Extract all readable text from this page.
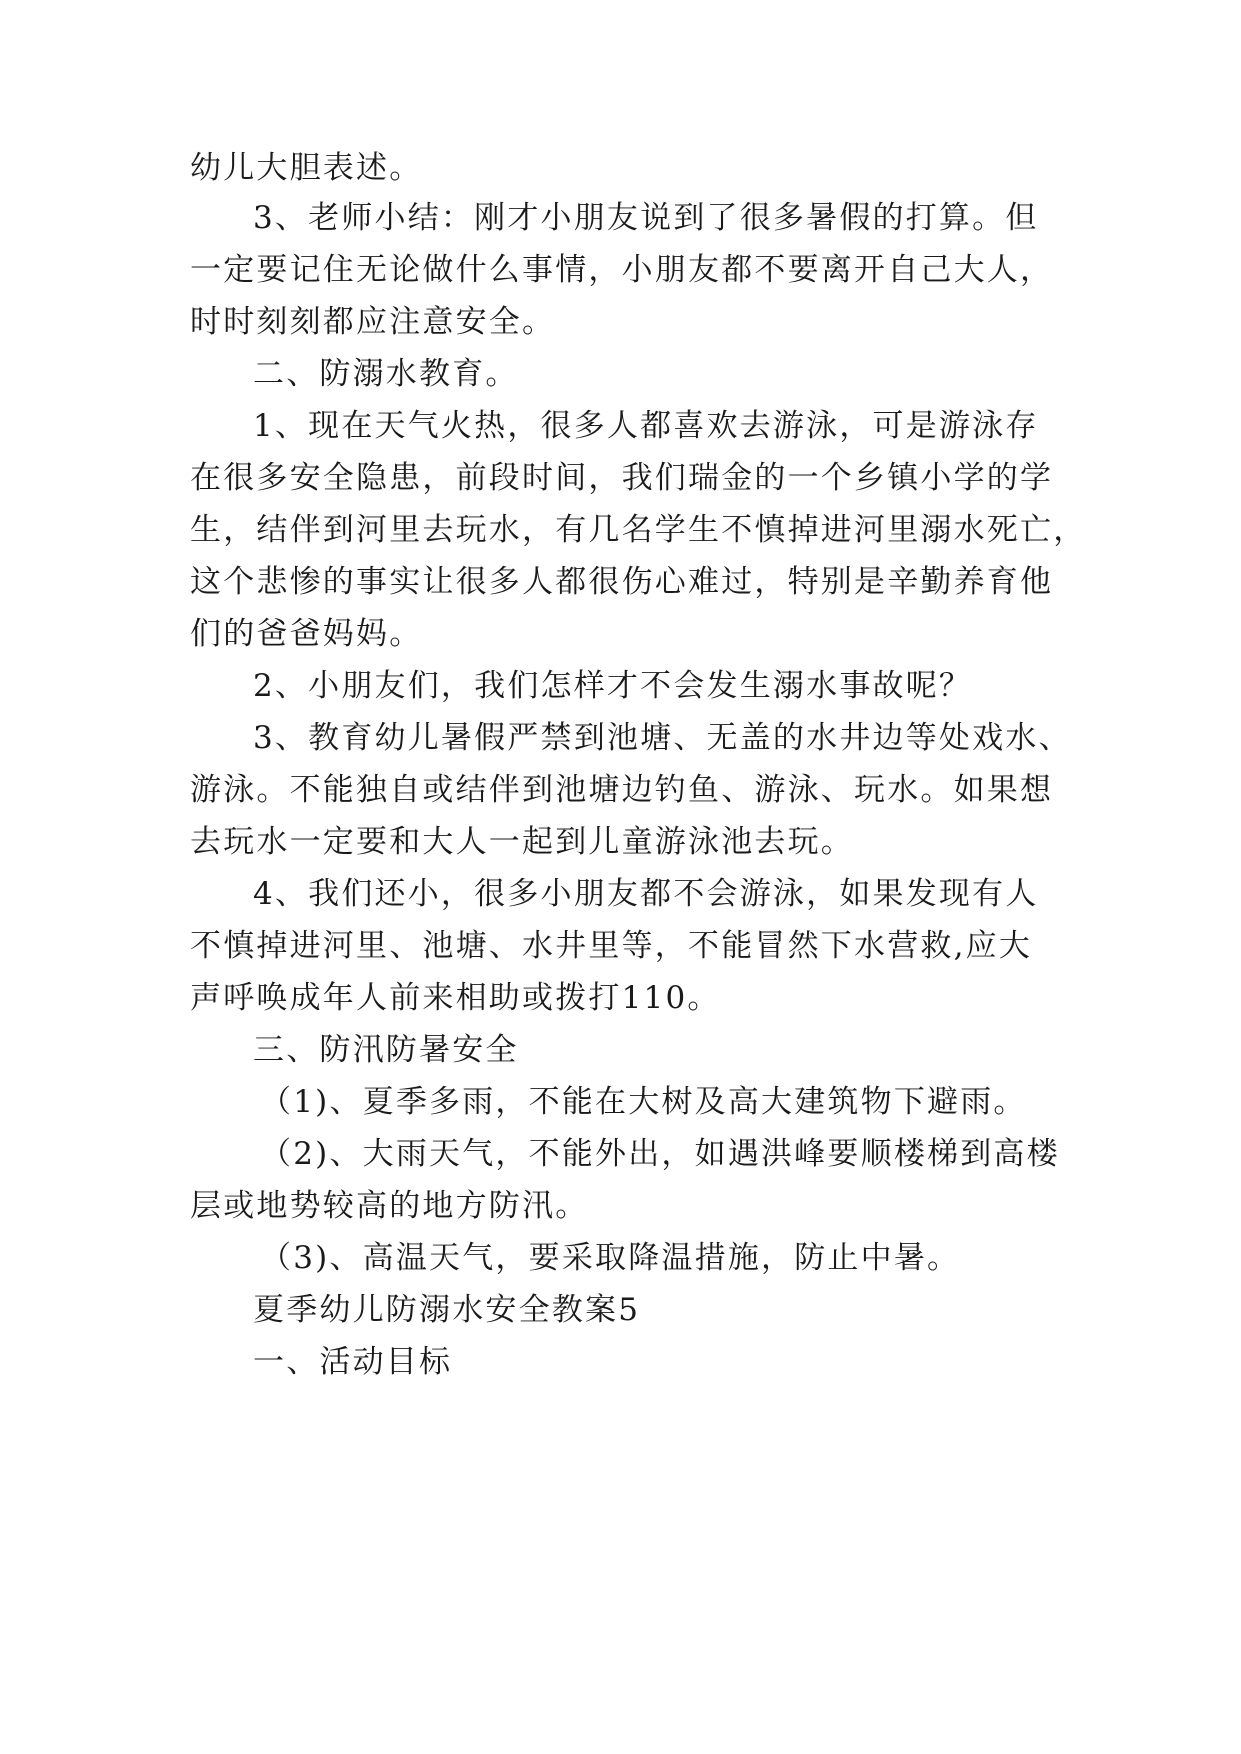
幼儿大胆表述。
3、老师小结：刚才小朋友说到了很多暑假的打算。但
一定要记住无论做什么事情，小朋友都不要离开自己大人，
时时刻刻都应注意安全。
二、防溺水教育。
1、现在天气火热，很多人都喜欢去游泳，可是游泳存
在很多安全隐患，前段时间，我们瑞金的一个乡镇小学的学
生，结伴到河里去玩水，有几名学生不慎掉进河里溺水死亡，
这个悲惨的事实让很多人都很伤心难过，特别是辛勤养育他
们的爸爸妈妈。
2、小朋友们，我们怎样才不会发生溺水事故呢？
3、教育幼儿暑假严禁到池塘、无盖的水井边等处戏水、
游泳。不能独自或结伴到池塘边钓鱼、游泳、玩水。如果想
去玩水一定要和大人一起到儿童游泳池去玩。
4、我们还小，很多小朋友都不会游泳，如果发现有人
不慎掉进河里、池塘、水井里等，不能冒然下水营救,应大
声呼唤成年人前来相助或拨打110。
三、防汛防暑安全
（1)、夏季多雨，不能在大树及高大建筑物下避雨。
（2)、大雨天气，不能外出，如遇洪峰要顺楼梯到高楼
层或地势较高的地方防汛。
（3)、高温天气，要采取降温措施，防止中暑。
夏季幼儿防溺水安全教案5
一、活动目标
